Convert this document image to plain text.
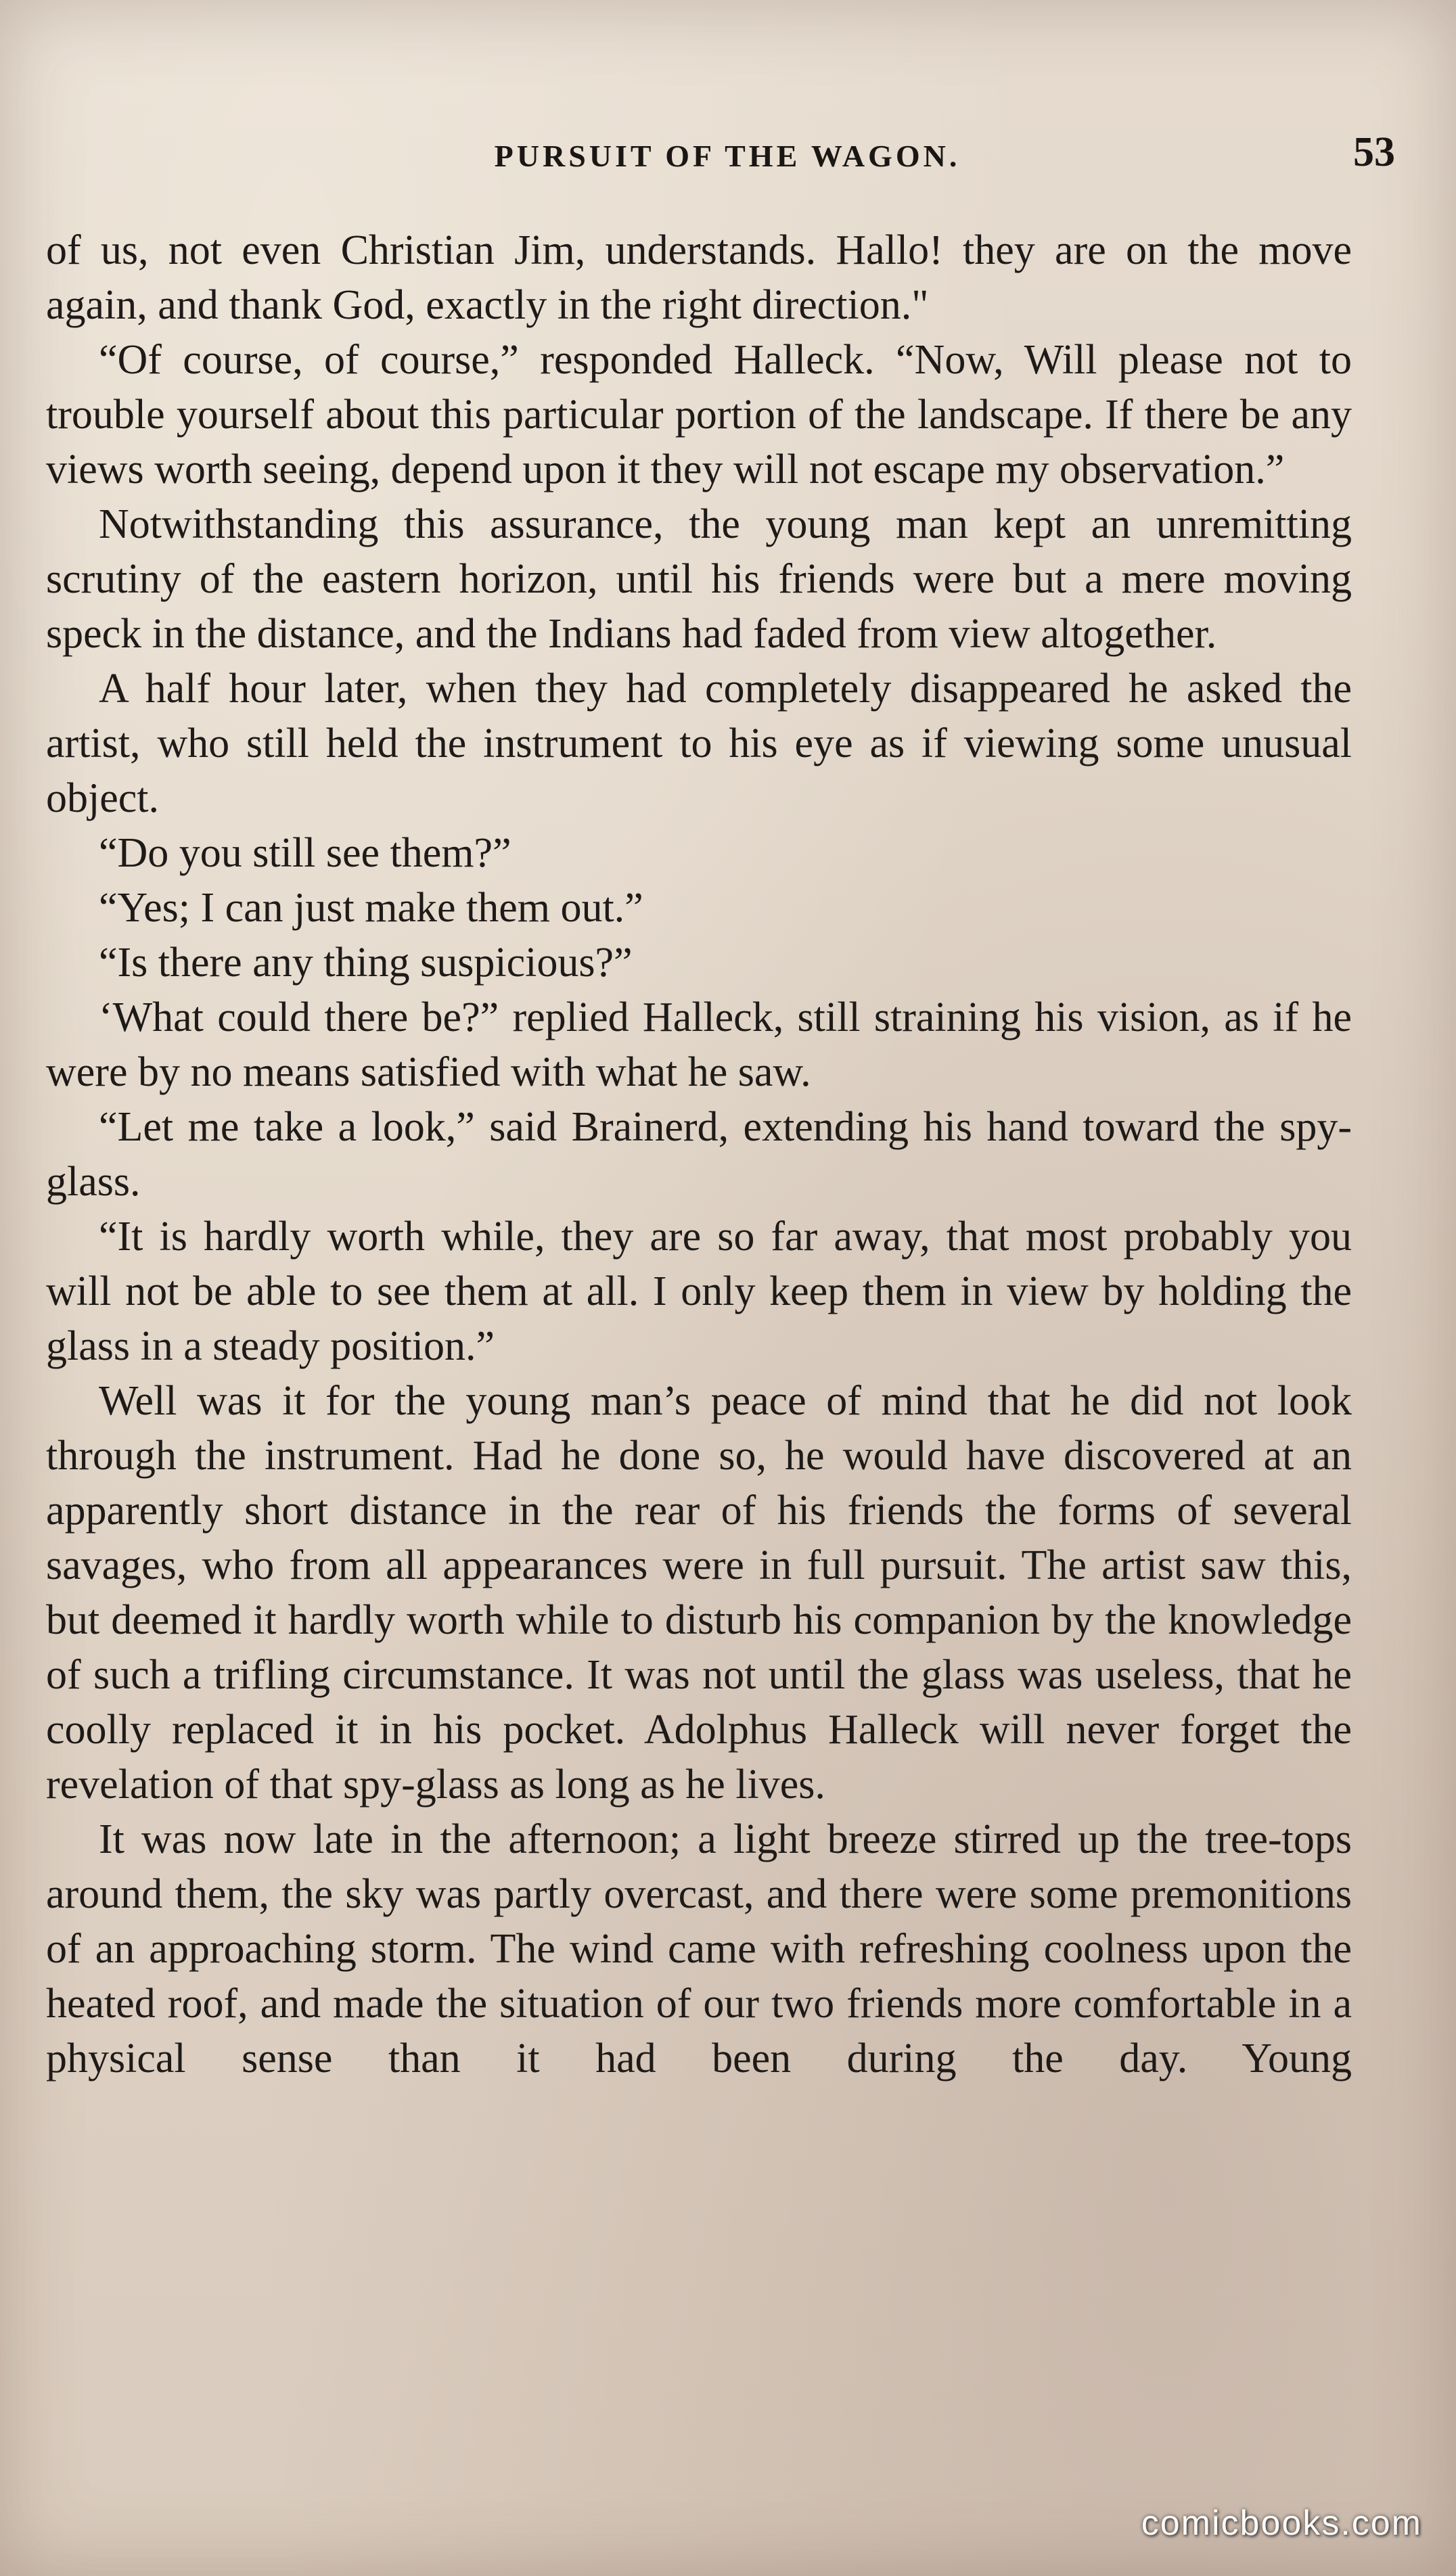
PURSUIT OF THE WAGON.	53

of us, not even Christian Jim, understands. Hallo! they are on the move again, and thank God, exactly in the right direction."

“Of course, of course,” responded Halleck. “Now, Will please not to trouble yourself about this particular portion of the landscape. If there be any views worth seeing, depend upon it they will not escape my observation.”

Notwithstanding this assurance, the young man kept an unremitting scrutiny of the eastern horizon, until his friends were but a mere moving speck in the distance, and the Indians had faded from view altogether.

A half hour later, when they had completely disappeared he asked the artist, who still held the instrument to his eye as if viewing some unusual object.

“Do you still see them?”

“Yes; I can just make them out.”

“Is there any thing suspicious?”

‘What could there be?” replied Halleck, still straining his vision, as if he were by no means satisfied with what he saw.

“Let me take a look,” said Brainerd, extending his hand toward the spy-glass.

“It is hardly worth while, they are so far away, that most probably you will not be able to see them at all. I only keep them in view by holding the glass in a steady position.”

Well was it for the young man’s peace of mind that he did not look through the instrument. Had he done so, he would have discovered at an apparently short distance in the rear of his friends the forms of several savages, who from all appearances were in full pursuit. The artist saw this, but deemed it hardly worth while to disturb his companion by the knowledge of such a trifling circumstance. It was not until the glass was useless, that he coolly replaced it in his pocket. Adolphus Halleck will never forget the revelation of that spy-glass as long as he lives.

It was now late in the afternoon; a light breeze stirred up the tree-tops around them, the sky was partly overcast, and there were some premonitions of an approaching storm. The wind came with refreshing coolness upon the heated roof, and made the situation of our two friends more comfortable in a physical sense than it had been during the day. Young

comicbooks.com
